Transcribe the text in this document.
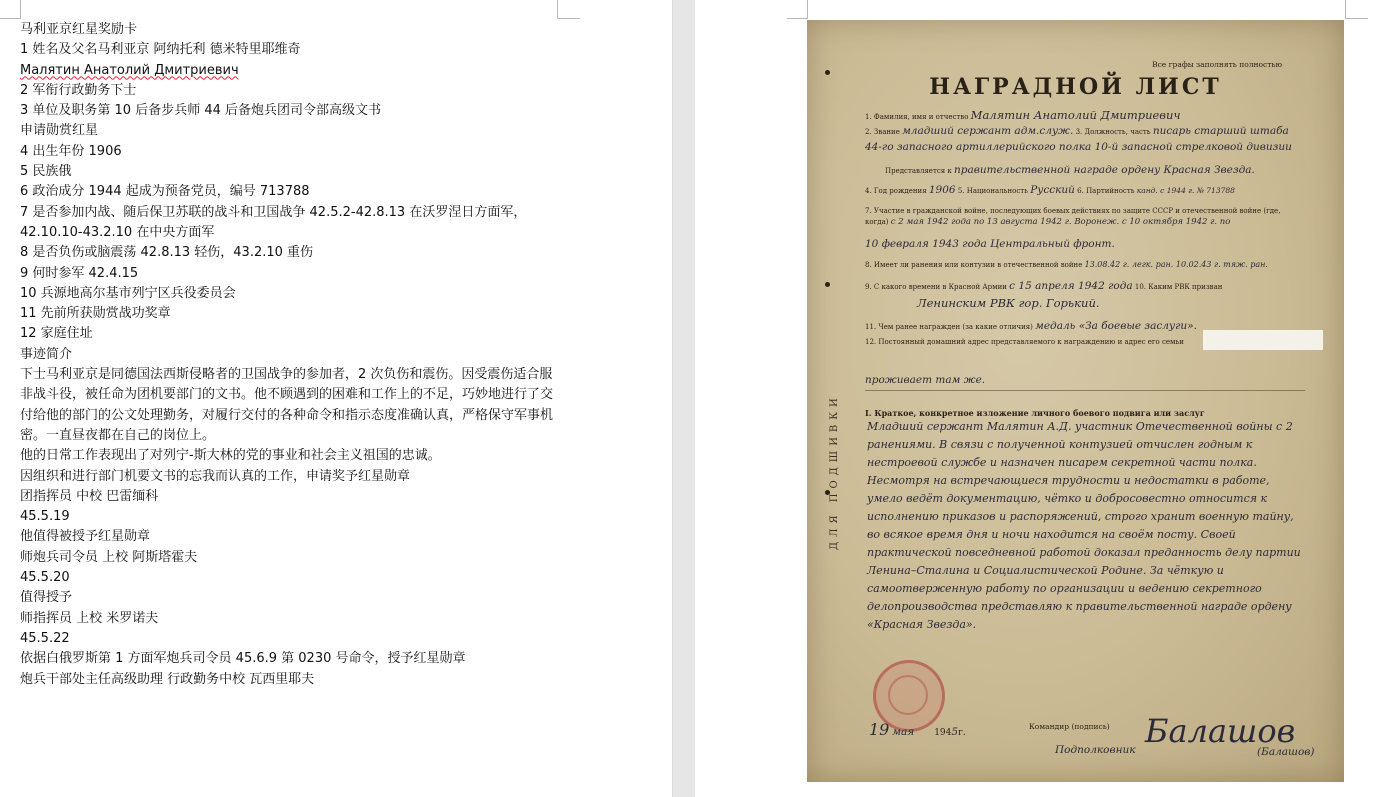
马利亚京红星奖励卡
1 姓名及父名马利亚京 阿纳托利 德米特里耶维奇
Малятин Анатолий Дмитриевич
2 军衔行政勤务下士
3 单位及职务第 10 后备步兵师 44 后备炮兵团司令部高级文书
申请勋赏红星
4 出生年份 1906
5 民族俄
6 政治成分 1944 起成为预备党员，编号 713788
7 是否参加内战、随后保卫苏联的战斗和卫国战争 42.5.2-42.8.13 在沃罗涅日方面军，
42.10.10-43.2.10 在中央方面军
8 是否负伤或脑震荡 42.8.13 轻伤，43.2.10 重伤
9 何时参军 42.4.15
10 兵源地高尔基市列宁区兵役委员会
11 先前所获勋赏战功奖章
12 家庭住址
事迹简介
下士马利亚京是同德国法西斯侵略者的卫国战争的参加者，2 次负伤和震伤。因受震伤适合服非战斗役，被任命为团机要部门的文书。他不顾遇到的困难和工作上的不足，巧妙地进行了交付给他的部门的公文处理勤务，对履行交付的各种命令和指示态度准确认真，严格保守军事机密。一直昼夜都在自己的岗位上。
他的日常工作表现出了对列宁-斯大林的党的事业和社会主义祖国的忠诚。
因组织和进行部门机要文书的忘我而认真的工作，申请奖予红星勋章
团指挥员 中校 巴雷缅科
45.5.19
他值得被授予红星勋章
师炮兵司令员 上校 阿斯塔霍夫
45.5.20
值得授予
师指挥员 上校 米罗诺夫
45.5.22
依据白俄罗斯第 1 方面军炮兵司令员 45.6.9 第 0230 号命令，授予红星勋章
炮兵干部处主任高级助理 行政勤务中校 瓦西里耶夫
Все графы заполнять полностью
НАГРАДНОЙ ЛИСТ
1. Фамилия, имя и отчество Малятин Анатолий Дмитриевич
2. Звание младший сержант адм.служ. 3. Должность, часть писарь старший штаба
44-го запасного артиллерийского полка 10-й запасной стрелковой дивизии
Представляется к правительственной награде ордену Красная Звезда.
4. Год рождения 1906 5. Национальность Русский 6. Партийность канд. с 1944 г. № 713788
7. Участие в гражданской войне, последующих боевых действиях по защите СССР и отечественной войне (где, когда) с 2 мая 1942 года по 13 августа 1942 г. Воронеж. с 10 октября 1942 г. по
10 февраля 1943 года Центральный фронт.
8. Имеет ли ранения или контузии в отечественной войне 13.08.42 г. легк. ран. 10.02.43 г. тяж. ран.
9. С какого времени в Красной Армии с 15 апреля 1942 года 10. Каким РВК призван
Ленинским РВК гор. Горький.
11. Чем ранее награжден (за какие отличия) медаль «За боевые заслуги».
12. Постоянный домашний адрес представляемого к награждению и адрес его семьи
проживает там же.
ДЛЯ ПОДШИВКИ	I. Краткое, конкретное изложение личного боевого подвига или заслуг
Младший сержант Малятин А.Д. участник Отечественной войны с 2 ранениями. В связи с полученной контузией отчислен годным к нестроевой службе и назначен писарем секретной части полка. Несмотря на встречающиеся трудности и недостатки в работе, умело ведёт документацию, чётко и добросовестно относится к исполнению приказов и распоряжений, строго хранит военную тайну, во всякое время дня и ночи находится на своём посту. Своей практической повседневной работой доказал преданность делу партии Ленина–Сталина и Социалистической Родине. За чёткую и самоотверженную работу по организации и ведению секретного делопроизводства представляю к правительственной награде ордену «Красная Звезда».
19 мая 1945г.
Командир (подпись)
Подполковник Балашов
(Балашов)
